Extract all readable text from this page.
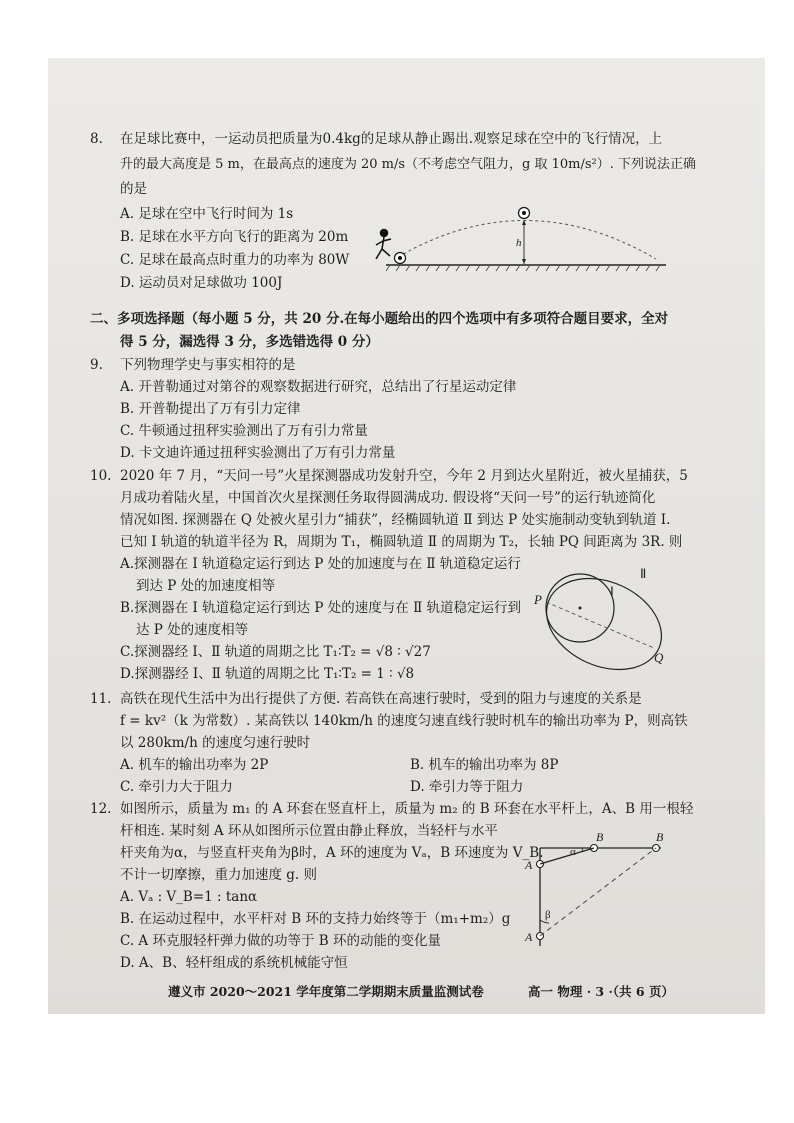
8. 在足球比赛中，一运动员把质量为0.4kg的足球从静止踢出.观察足球在空中的飞行情况，上
升的最大高度是 5 m，在最高点的速度为 20 m/s（不考虑空气阻力，g 取 10m/s²）. 下列说法正确
的是
A. 足球在空中飞行时间为 1s
B. 足球在水平方向飞行的距离为 20m
C. 足球在最高点时重力的功率为 80W
D. 运动员对足球做功 100J
h
二、多项选择题（每小题 5 分，共 20 分.在每小题给出的四个选项中有多项符合题目要求，全对
得 5 分，漏选得 3 分，多选错选得 0 分）
9. 下列物理学史与事实相符的是
A. 开普勒通过对第谷的观察数据进行研究，总结出了行星运动定律
B. 开普勒提出了万有引力定律
C. 牛顿通过扭秤实验测出了万有引力常量
D. 卡文迪许通过扭秤实验测出了万有引力常量
10. 2020 年 7 月，“天问一号”火星探测器成功发射升空，今年 2 月到达火星附近，被火星捕获，5
月成功着陆火星，中国首次火星探测任务取得圆满成功. 假设将“天问一号”的运行轨迹简化
情况如图. 探测器在 Q 处被火星引力“捕获”，经椭圆轨道 Ⅱ 到达 P 处实施制动变轨到轨道 Ⅰ.
已知 Ⅰ 轨道的轨道半径为 R，周期为 T₁，椭圆轨道 Ⅱ 的周期为 T₂，长轴 PQ 间距离为 3R. 则
A.探测器在 Ⅰ 轨道稳定运行到达 P 处的加速度与在 Ⅱ 轨道稳定运行
到达 P 处的加速度相等
B.探测器在 Ⅰ 轨道稳定运行到达 P 处的速度与在 Ⅱ 轨道稳定运行到
达 P 处的速度相等
C.探测器经 Ⅰ、Ⅱ 轨道的周期之比 T₁∶T₂ = √8 ∶ √27
D.探测器经 Ⅰ、Ⅱ 轨道的周期之比 T₁∶T₂ = 1 ∶ √8
P
Q
Ⅰ
Ⅱ
11. 高铁在现代生活中为出行提供了方便. 若高铁在高速行驶时，受到的阻力与速度的关系是
f = kv²（k 为常数）. 某高铁以 140km/h 的速度匀速直线行驶时机车的输出功率为 P，则高铁
以 280km/h 的速度匀速行驶时
A. 机车的输出功率为 2P	B. 机车的输出功率为 8P
C. 牵引力大于阻力	D. 牵引力等于阻力
12. 如图所示，质量为 m₁ 的 A 环套在竖直杆上，质量为 m₂ 的 B 环套在水平杆上，A、B 用一根轻
杆相连. 某时刻 A 环从如图所示位置由静止释放，当轻杆与水平
杆夹角为α，与竖直杆夹角为β时，A 环的速度为 Vₐ，B 环速度为 V_B.
不计一切摩擦，重力加速度 g. 则
A. Vₐ : V_B=1 : tanα
B. 在运动过程中，水平杆对 B 环的支持力始终等于（m₁+m₂）g
C. A 环克服轻杆弹力做的功等于 B 环的动能的变化量
D. A、B、轻杆组成的系统机械能守恒
A
A
B	B
α
β
遵义市 2020～2021 学年度第二学期期末质量监测试卷	高一 物理 · 3 ·（共 6 页）
